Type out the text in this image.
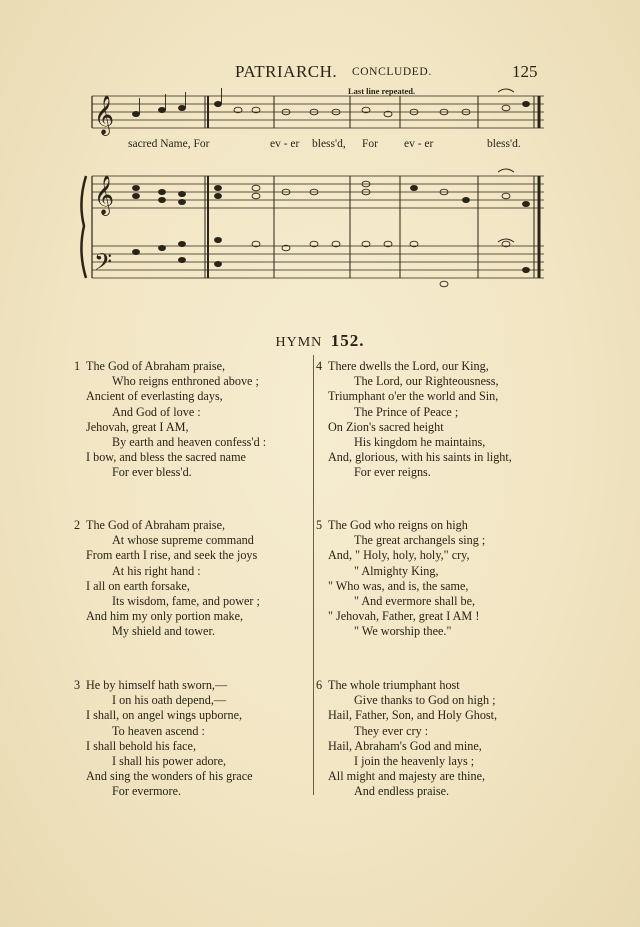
PATRIARCH. CONCLUDED.	125
Last line repeated.
𝄞
𝄞
𝄢
sacred Name, For	ev - er bless'd, For ev - er	bless'd.
HYMN 152.
1 The God of Abraham praise,
Who reigns enthroned above ;
Ancient of everlasting days,
And God of love :
Jehovah, great I AM,
By earth and heaven confess'd :
I bow, and bless the sacred name
For ever bless'd.
2 The God of Abraham praise,
At whose supreme command
From earth I rise, and seek the joys
At his right hand :
I all on earth forsake,
Its wisdom, fame, and power ;
And him my only portion make,
My shield and tower.
3 He by himself hath sworn,—
I on his oath depend,—
I shall, on angel wings upborne,
To heaven ascend :
I shall behold his face,
I shall his power adore,
And sing the wonders of his grace
For evermore.
4 There dwells the Lord, our King,
The Lord, our Righteousness,
Triumphant o'er the world and Sin,
The Prince of Peace ;
On Zion's sacred height
His kingdom he maintains,
And, glorious, with his saints in light,
For ever reigns.
5 The God who reigns on high
The great archangels sing ;
And, " Holy, holy, holy," cry,
" Almighty King,
" Who was, and is, the same,
" And evermore shall be,
" Jehovah, Father, great I AM !
" We worship thee."
6 The whole triumphant host
Give thanks to God on high ;
Hail, Father, Son, and Holy Ghost,
They ever cry :
Hail, Abraham's God and mine,
I join the heavenly lays ;
All might and majesty are thine,
And endless praise.
